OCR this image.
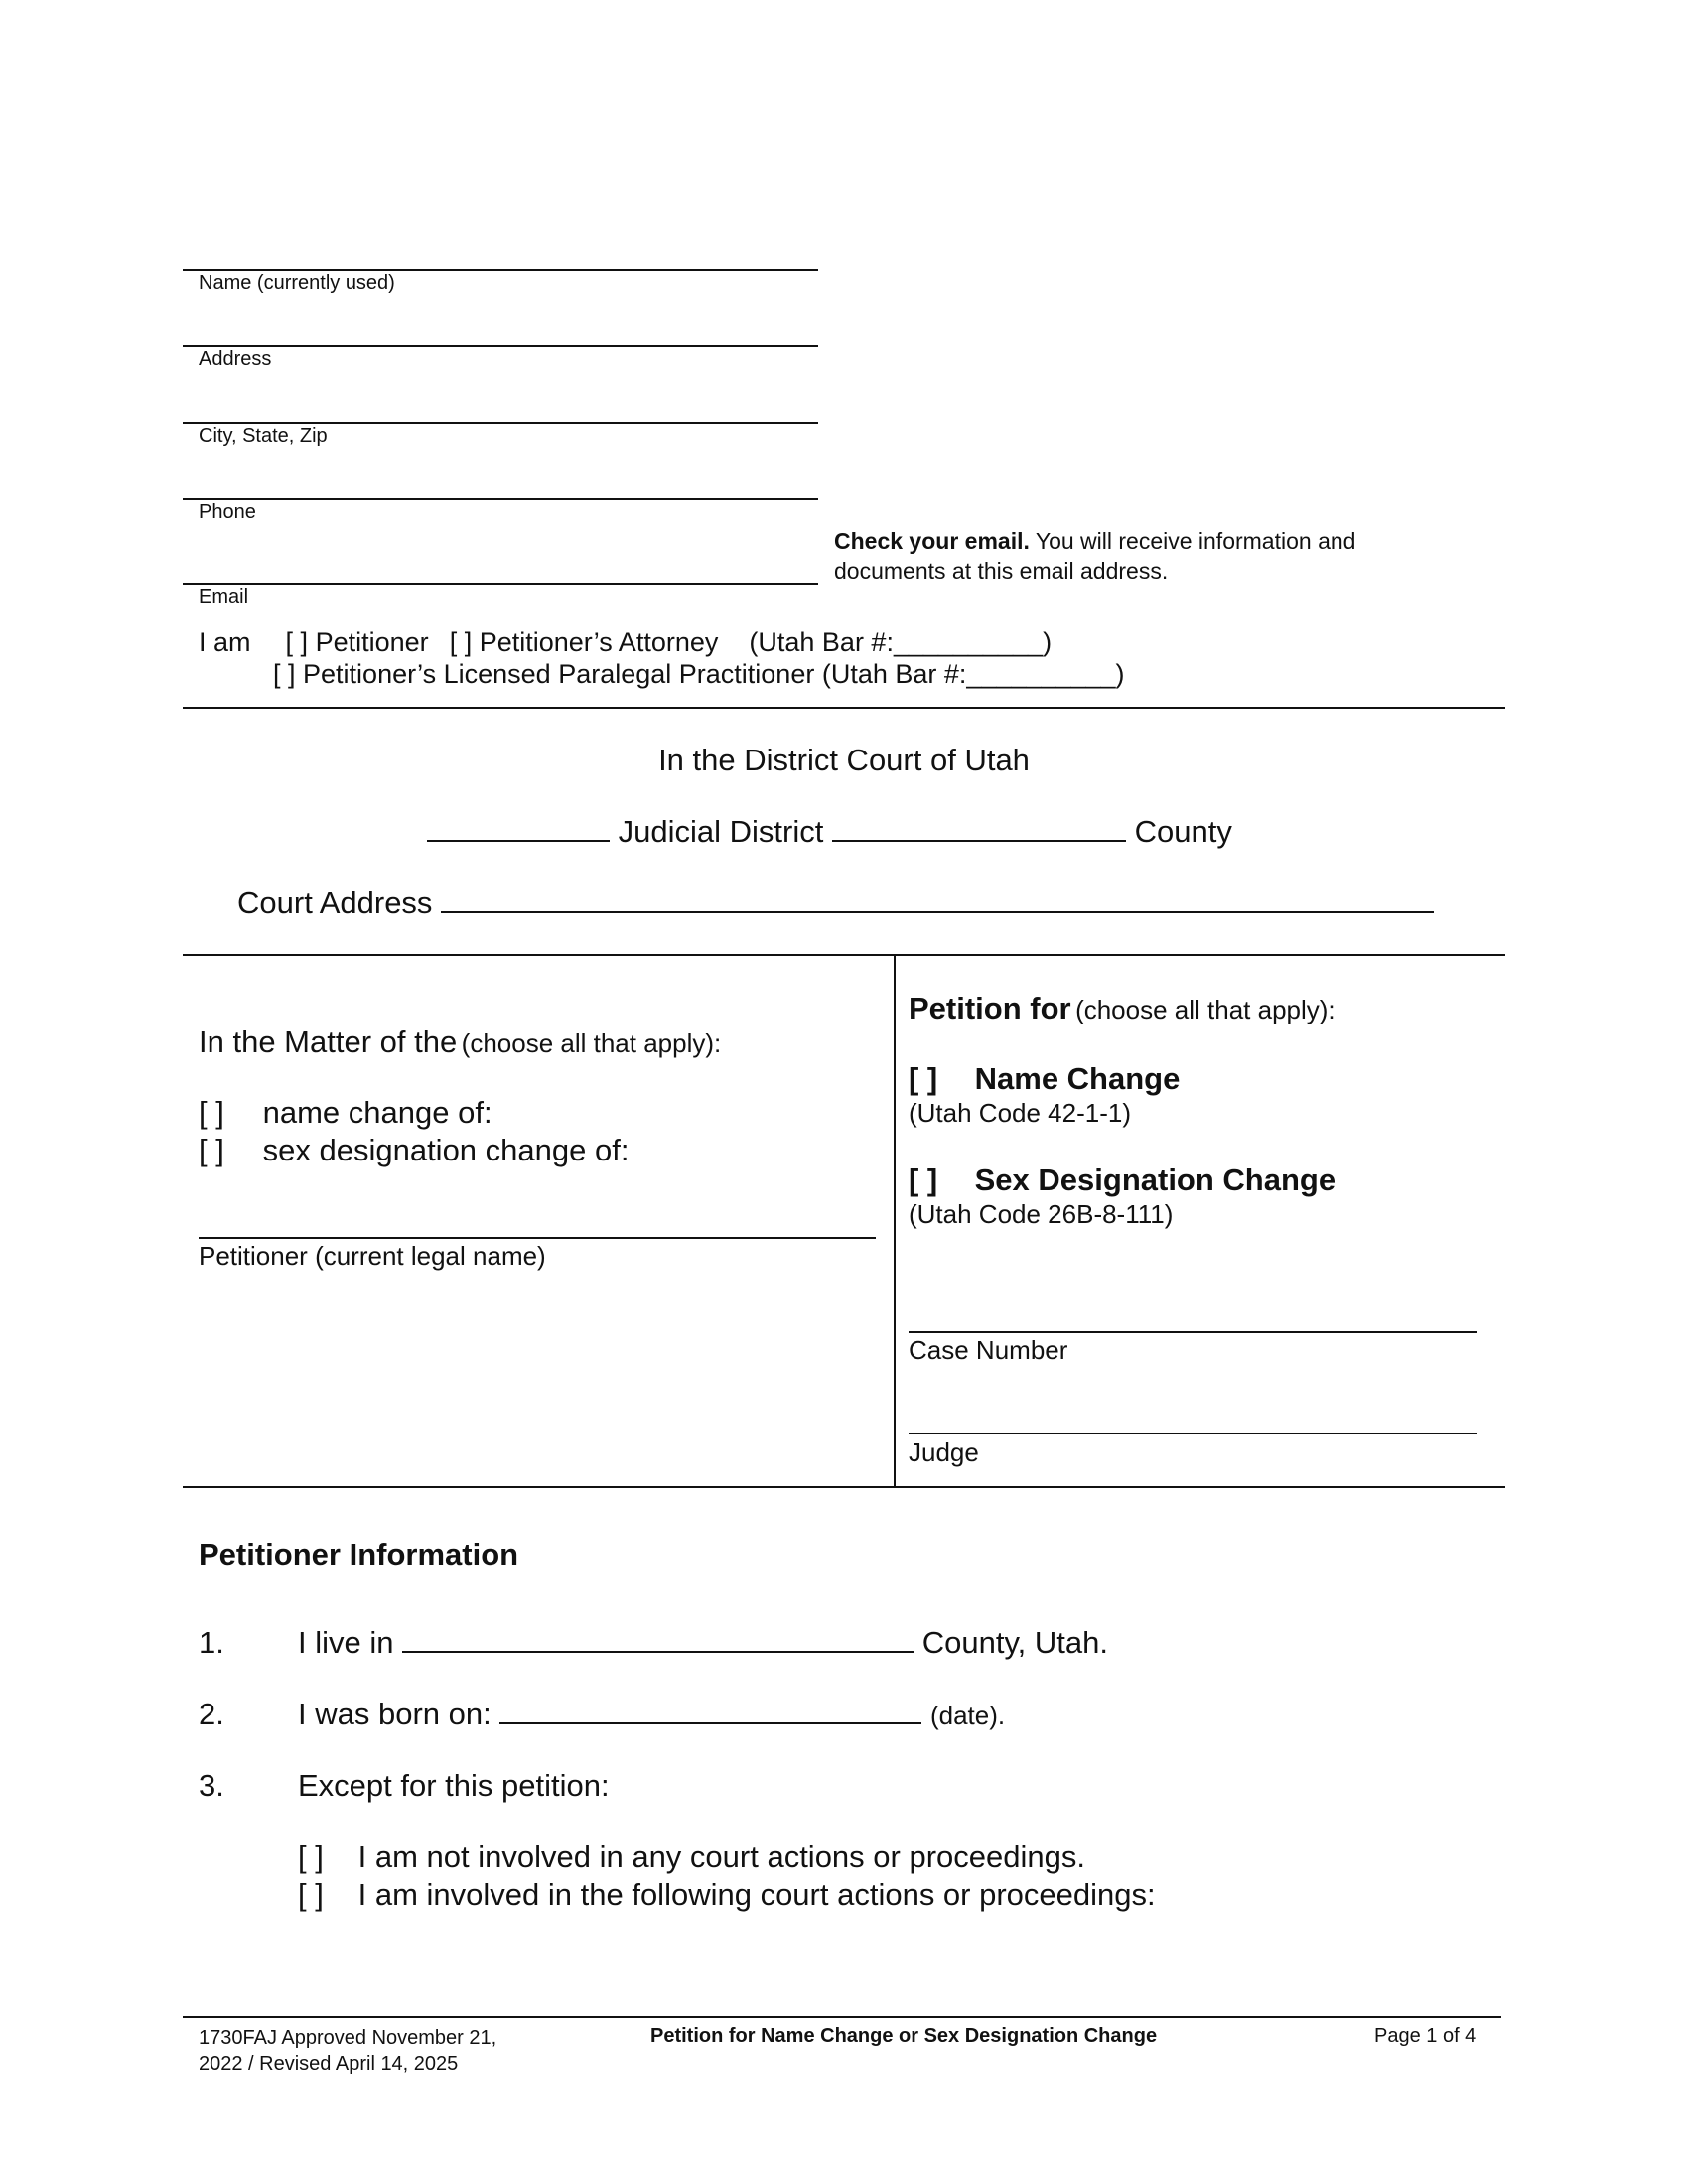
Name (currently used)
Address
City, State, Zip
Phone
Email
Check your email. You will receive information and documents at this email address.
I am [ ] Petitioner [ ] Petitioner’s Attorney (Utah Bar #:__________)
[ ] Petitioner’s Licensed Paralegal Practitioner (Utah Bar #:__________)
In the District Court of Utah
Judicial District	County
Court Address
In the Matter of the (choose all that apply):
[ ] name change of:
[ ] sex designation change of:
Petitioner (current legal name)
Petition for (choose all that apply):
[ ] Name Change
(Utah Code 42-1-1)
[ ] Sex Designation Change
(Utah Code 26B-8-111)
Case Number
Judge
Petitioner Information
1. I live in	County, Utah.
2. I was born on:	(date).
3. Except for this petition:
[ ] I am not involved in any court actions or proceedings.
[ ] I am involved in the following court actions or proceedings:
1730FAJ Approved November 21,
2022 / Revised April 14, 2025
Petition for Name Change or Sex Designation Change	Page 1 of 4
